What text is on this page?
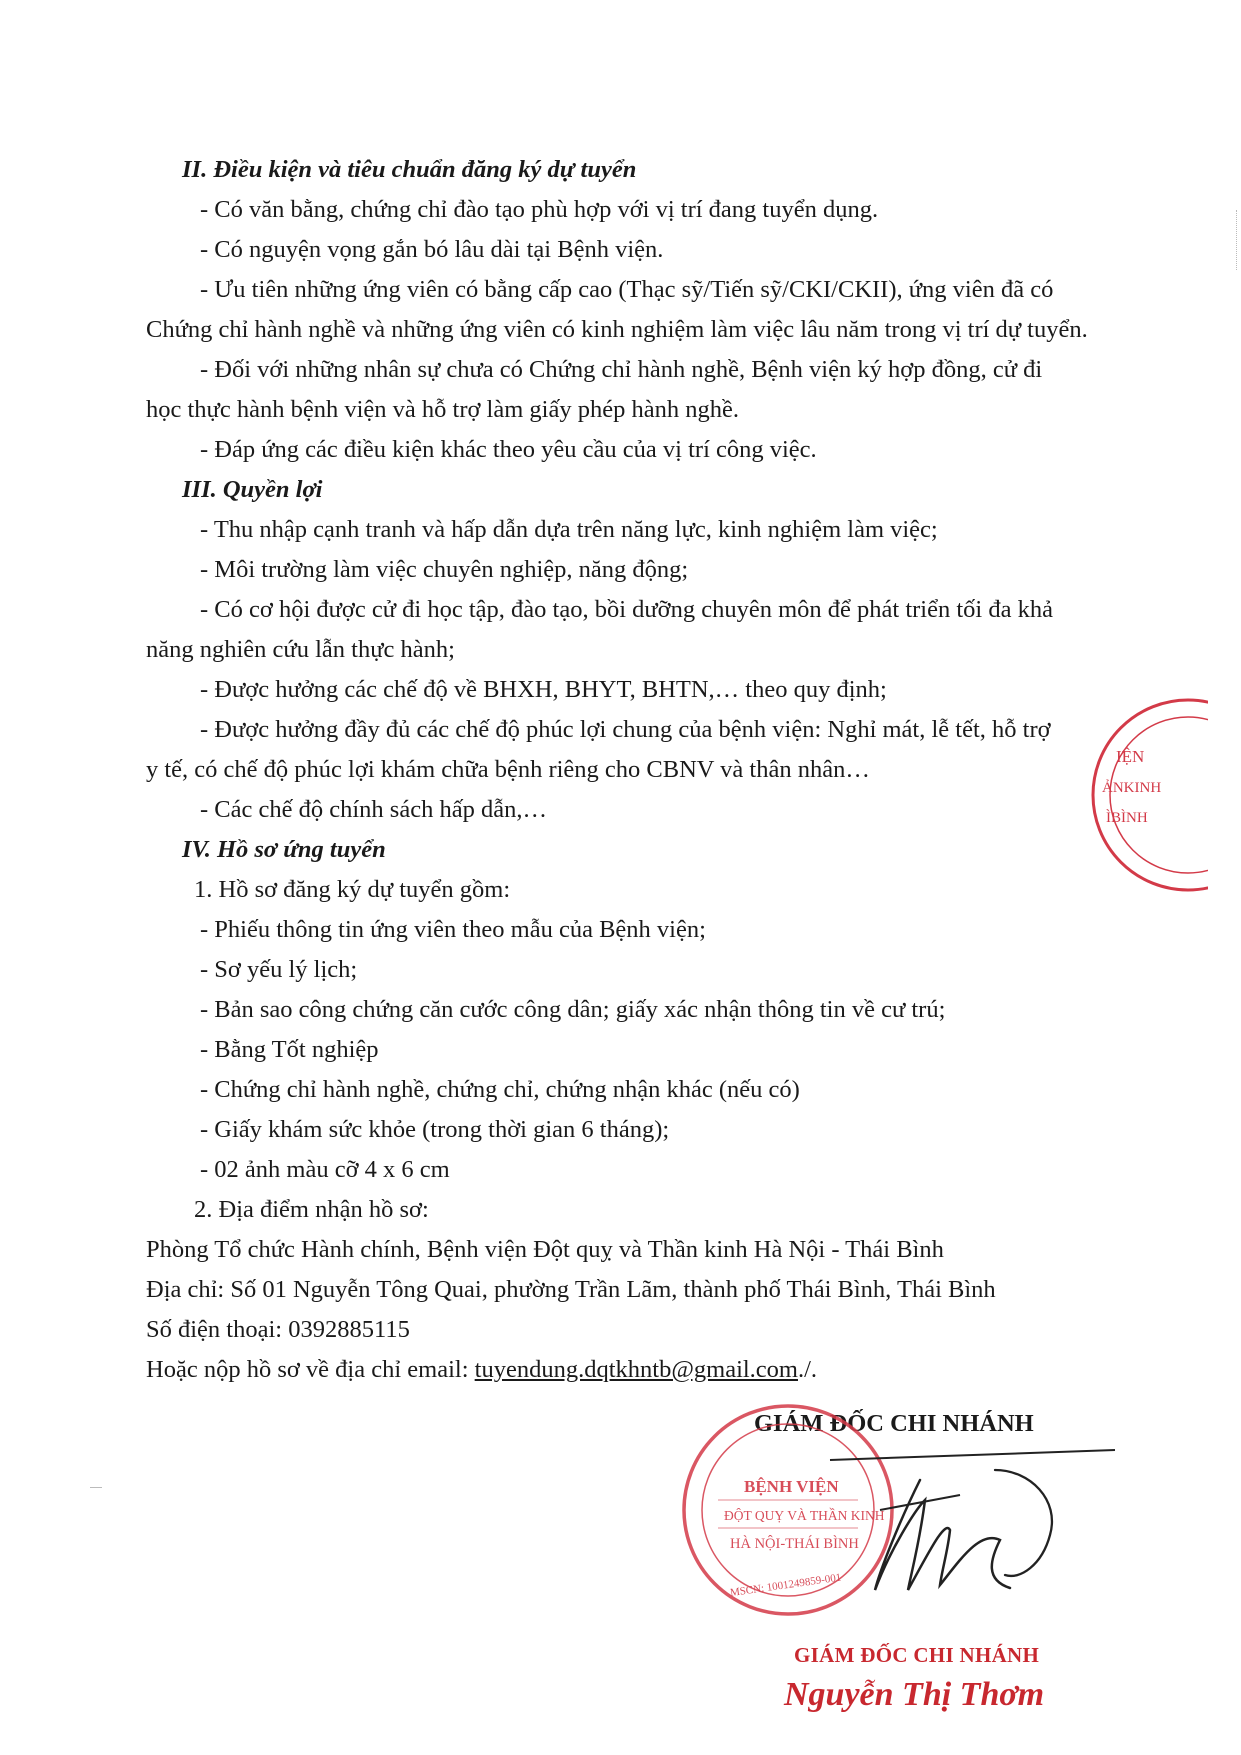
II. Điều kiện và tiêu chuẩn đăng ký dự tuyển
- Có văn bằng, chứng chỉ đào tạo phù hợp với vị trí đang tuyển dụng.
- Có nguyện vọng gắn bó lâu dài tại Bệnh viện.
- Ưu tiên những ứng viên có bằng cấp cao (Thạc sỹ/Tiến sỹ/CKI/CKII), ứng viên đã có
Chứng chỉ hành nghề và những ứng viên có kinh nghiệm làm việc lâu năm trong vị trí dự tuyển.
- Đối với những nhân sự chưa có Chứng chỉ hành nghề, Bệnh viện ký hợp đồng, cử đi
học thực hành bệnh viện và hỗ trợ làm giấy phép hành nghề.
- Đáp ứng các điều kiện khác theo yêu cầu của vị trí công việc.
III. Quyền lợi
- Thu nhập cạnh tranh và hấp dẫn dựa trên năng lực, kinh nghiệm làm việc;
- Môi trường làm việc chuyên nghiệp, năng động;
- Có cơ hội được cử đi học tập, đào tạo, bồi dưỡng chuyên môn để phát triển tối đa khả
năng nghiên cứu lẫn thực hành;
- Được hưởng các chế độ về BHXH, BHYT, BHTN,… theo quy định;
- Được hưởng đầy đủ các chế độ phúc lợi chung của bệnh viện: Nghỉ mát, lễ tết, hỗ trợ
y tế, có chế độ phúc lợi khám chữa bệnh riêng cho CBNV và thân nhân…
- Các chế độ chính sách hấp dẫn,…
IV. Hồ sơ ứng tuyển
1. Hồ sơ đăng ký dự tuyển gồm:
- Phiếu thông tin ứng viên theo mẫu của Bệnh viện;
- Sơ yếu lý lịch;
- Bản sao công chứng căn cước công dân; giấy xác nhận thông tin về cư trú;
- Bằng Tốt nghiệp
- Chứng chỉ hành nghề, chứng chỉ, chứng nhận khác (nếu có)
- Giấy khám sức khỏe (trong thời gian 6 tháng);
- 02 ảnh màu cỡ 4 x 6 cm
2. Địa điểm nhận hồ sơ:
Phòng Tổ chức Hành chính, Bệnh viện Đột quỵ và Thần kinh Hà Nội - Thái Bình
Địa chỉ: Số 01 Nguyễn Tông Quai, phường Trần Lãm, thành phố Thái Bình, Thái Bình
Số điện thoại: 0392885115
Hoặc nộp hồ sơ về địa chỉ email: tuyendung.dqtkhntb@gmail.com./.
IỆN
ẢNKINH
ÌBÌNH
GIÁM ĐỐC CHI NHÁNH
BỆNH VIỆN
ĐỘT QUỴ VÀ THẦN KINH
HÀ NỘI-THÁI BÌNH
MSCN: 1001249859-001
GIÁM ĐỐC CHI NHÁNH
Nguyễn Thị Thơm
